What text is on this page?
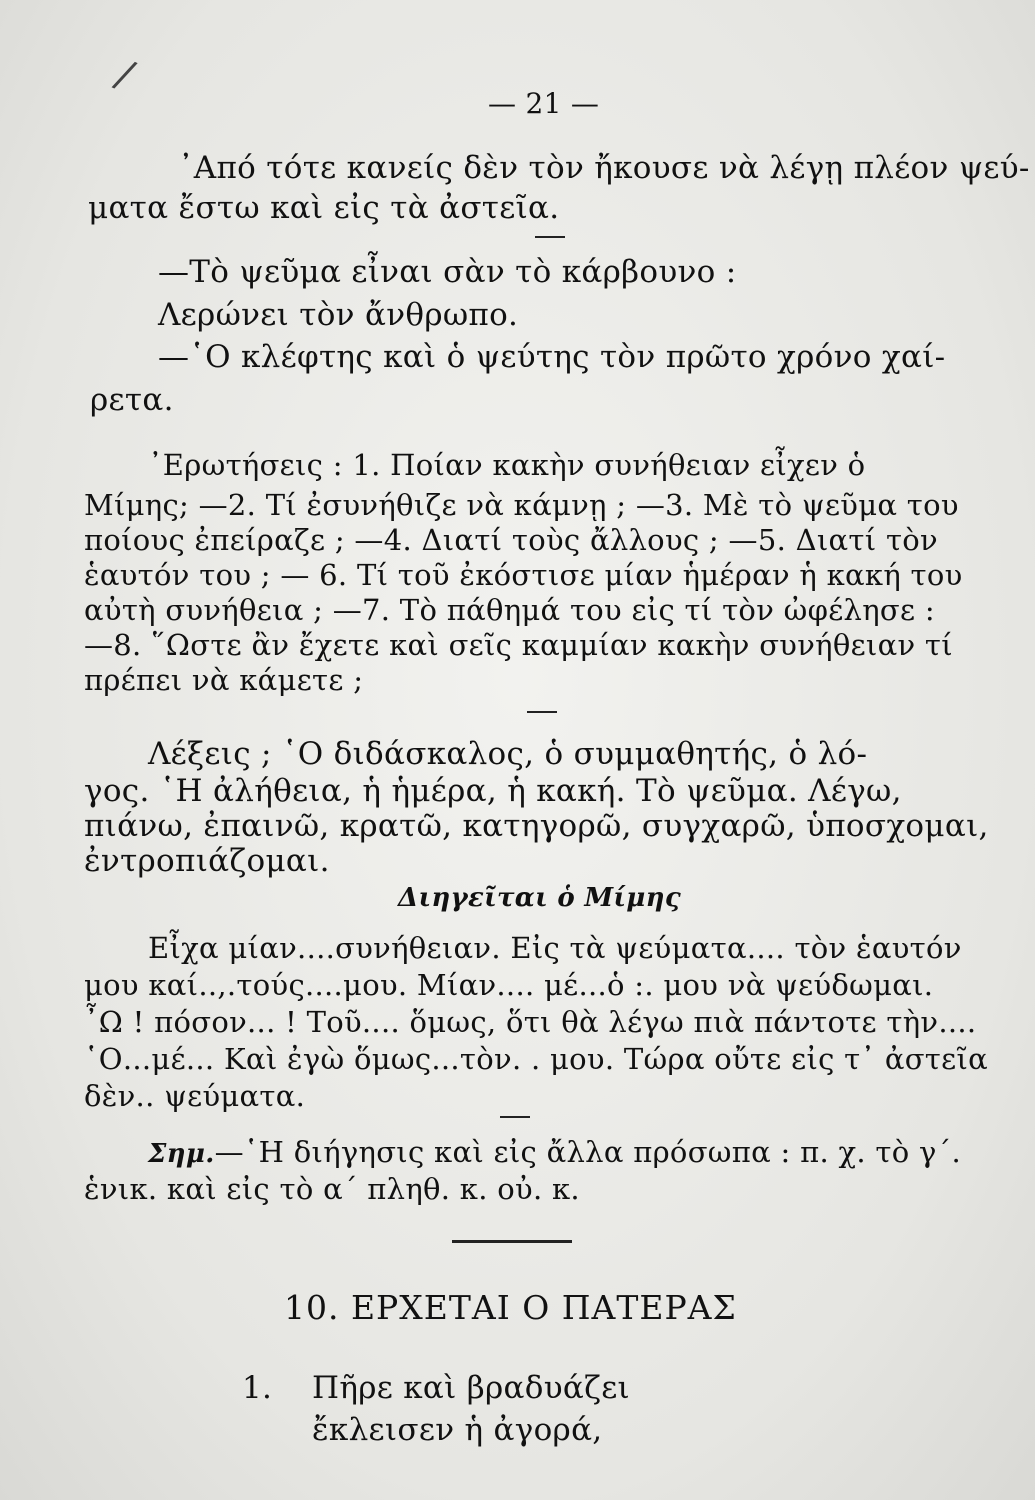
/
— 21 —
᾿Από τότε κανείς δὲν τὸν ἤκουσε νὰ λέγῃ πλέον ψεύ-
ματα ἔστω καὶ εἰς τὰ ἀστεῖα.
—Τὸ ψεῦμα εἶναι σὰν τὸ κάρβουνο :
Λερώνει τὸν ἄνθρωπο.
—῾Ο κλέφτης καὶ ὁ ψεύτης τὸν πρῶτο χρόνο χαί-
ρετα.
᾿Ερωτήσεις : 1. Ποίαν κακὴν συνήθειαν εἶχεν ὁ
Μίμης; —2. Τί ἐσυνήθιζε νὰ κάμνῃ ; —3. Μὲ τὸ ψεῦμα του
ποίους ἐπείραζε ; —4. Διατί τοὺς ἄλλους ; —5. Διατί τὸν
ἑαυτόν του ; — 6. Τί τοῦ ἐκόστισε μίαν ἡμέραν ἡ κακή του
αὐτὴ συνήθεια ; —7. Τὸ πάθημά του εἰς τί τὸν ὠφέλησε :
—8. ῞Ωστε ἂν ἔχετε καὶ σεῖς καμμίαν κακὴν συνήθειαν τί
πρέπει νὰ κάμετε ;
Λέξεις ; ῾Ο διδάσκαλος, ὁ συμμαθητής, ὁ λό-
γος. ῾Η ἀλήθεια, ἡ ἡμέρα, ἡ κακή. Τὸ ψεῦμα. Λέγω,
πιάνω, ἐπαινῶ, κρατῶ, κατηγορῶ, συγχαρῶ, ὑποσχομαι,
ἐντροπιάζομαι.
Διηγεῖται ὁ Μίμης
Εἶχα μίαν....συνήθειαν. Εἰς τὰ ψεύματα.... τὸν ἑαυτόν
μου καί..,.τούς....μου. Μίαν.... μέ...ὁ :. μου νὰ ψεύδωμαι.
῏Ω ! πόσον... ! Τοῦ.... ὅμως, ὅτι θὰ λέγω πιὰ πάντοτε τὴν....
῾Ο...μέ... Καὶ ἐγὼ ὅμως...τὸν. . μου. Τώρα οὔτε εἰς τ᾿ ἀστεῖα
δὲν.. ψεύματα.
Σημ.—῾Η διήγησις καὶ εἰς ἄλλα πρόσωπα : π. χ. τὸ γ΄.
ἑνικ. καὶ εἰς τὸ α΄ πληθ. κ. οὐ. κ.
10. ΕΡΧΕΤΑΙ Ο ΠΑΤΕΡΑΣ
1. Πῆρε καὶ βραδυάζει
ἔκλεισεν ἡ ἀγορά,
